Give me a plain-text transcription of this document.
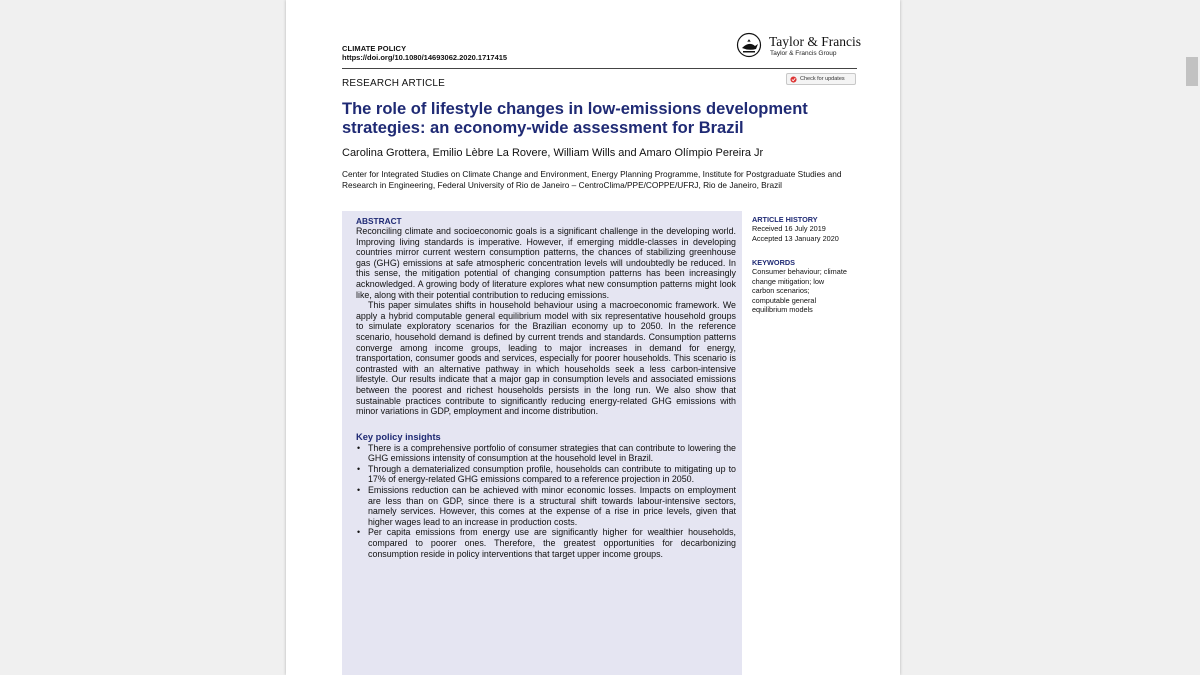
CLIMATE POLICY
https://doi.org/10.1080/14693062.2020.1717415
Taylor & Francis
Taylor & Francis Group
RESEARCH ARTICLE	Check for updates
The role of lifestyle changes in low-emissions development strategies: an economy-wide assessment for Brazil
Carolina Grottera, Emilio Lèbre La Rovere, William Wills and Amaro Olímpio Pereira Jr
Center for Integrated Studies on Climate Change and Environment, Energy Planning Programme, Institute for Postgraduate Studies and Research in Engineering, Federal University of Rio de Janeiro – CentroClima/PPE/COPPE/UFRJ, Rio de Janeiro, Brazil
ABSTRACT

Reconciling climate and socioeconomic goals is a significant challenge in the developing world. Improving living standards is imperative. However, if emerging middle-classes in developing countries mirror current western consumption patterns, the chances of stabilizing greenhouse gas (GHG) emissions at safe atmospheric concentration levels will undoubtedly be reduced. In this sense, the mitigation potential of changing consumption patterns has been increasingly acknowledged. A growing body of literature explores what new consumption patterns might look like, along with their potential contribution to reducing emissions.

This paper simulates shifts in household behaviour using a macroeconomic framework. We apply a hybrid computable general equilibrium model with six representative household groups to simulate exploratory scenarios for the Brazilian economy up to 2050. In the reference scenario, household demand is defined by current trends and standards. Consumption patterns converge among income groups, leading to major increases in demand for energy, transportation, consumer goods and services, especially for poorer households. This scenario is contrasted with an alternative pathway in which households seek a less carbon-intensive lifestyle. Our results indicate that a major gap in consumption levels and associated emissions between the poorest and richest households persists in the long run. We also show that sustainable practices contribute to significantly reducing energy-related GHG emissions with minor variations in GDP, employment and income distribution.

Key policy insights
• There is a comprehensive portfolio of consumer strategies that can contribute to lowering the GHG emissions intensity of consumption at the household level in Brazil.
• Through a dematerialized consumption profile, households can contribute to mitigating up to 17% of energy-related GHG emissions compared to a reference projection in 2050.
• Emissions reduction can be achieved with minor economic losses. Impacts on employment are less than on GDP, since there is a structural shift towards labour-intensive sectors, namely services. However, this comes at the expense of a rise in price levels, given that higher wages lead to an increase in production costs.
• Per capita emissions from energy use are significantly higher for wealthier households, compared to poorer ones. Therefore, the greatest opportunities for decarbonizing consumption reside in policy interventions that target upper income groups.
ARTICLE HISTORY
Received 16 July 2019
Accepted 13 January 2020
KEYWORDS
Consumer behaviour; climate
change mitigation; low
carbon scenarios;
computable general
equilibrium models
